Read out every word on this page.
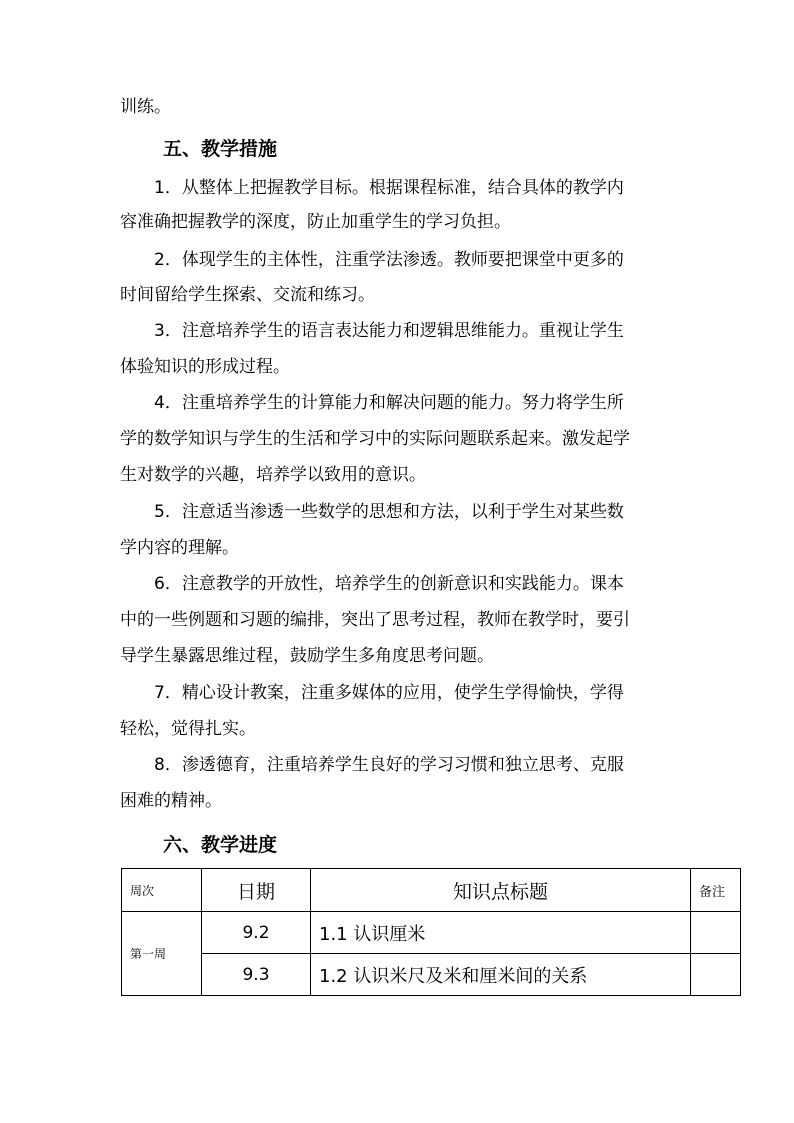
训练。
五、教学措施
1．从整体上把握教学目标。根据课程标准，结合具体的教学内
容准确把握教学的深度，防止加重学生的学习负担。
2．体现学生的主体性，注重学法渗透。教师要把课堂中更多的
时间留给学生探索、交流和练习。
3．注意培养学生的语言表达能力和逻辑思维能力。重视让学生
体验知识的形成过程。
4．注重培养学生的计算能力和解决问题的能力。努力将学生所
学的数学知识与学生的生活和学习中的实际问题联系起来。激发起学
生对数学的兴趣，培养学以致用的意识。
5．注意适当渗透一些数学的思想和方法，以利于学生对某些数
学内容的理解。
6．注意教学的开放性，培养学生的创新意识和实践能力。课本
中的一些例题和习题的编排，突出了思考过程，教师在教学时，要引
导学生暴露思维过程，鼓励学生多角度思考问题。
7．精心设计教案，注重多媒体的应用，使学生学得愉快，学得
轻松，觉得扎实。
8．渗透德育，注重培养学生良好的学习习惯和独立思考、克服
困难的精神。
六、教学进度
周次	日期	知识点标题	备注
第一周	9.2	1.1 认识厘米	
	9.3	1.2 认识米尺及米和厘米间的关系	
